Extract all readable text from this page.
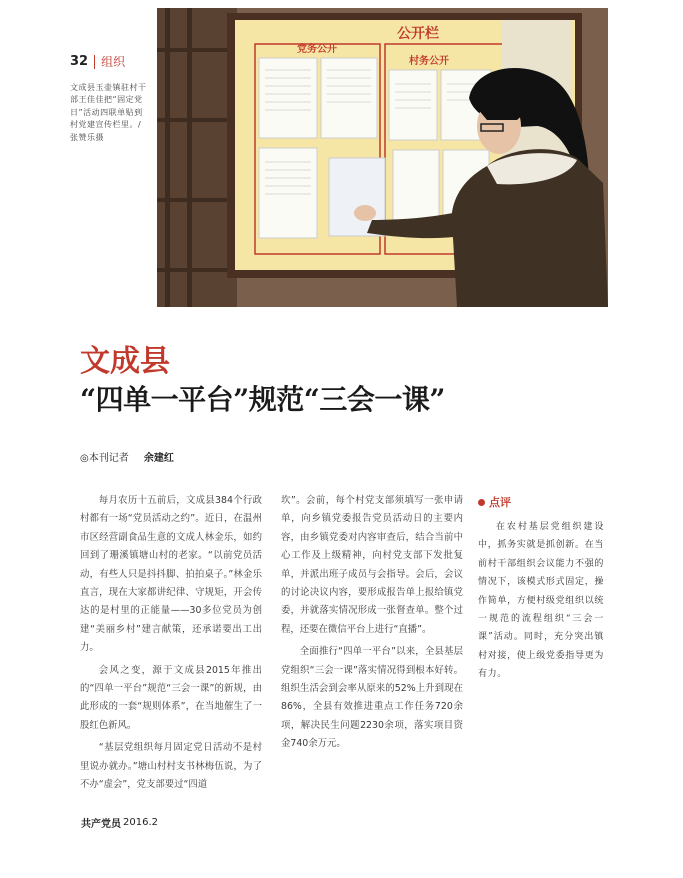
32 组织
文成县玉壶镇驻村干部王佳佳把“固定党日”活动四联单贴到村党建宣传栏里。/张赞乐摄
公开栏
党务公开
村务公开
文成县
“四单一平台”规范“三会一课”
◎本刊记者 余建红

每月农历十五前后，文成县384个行政村都有一场“党员活动之约”。近日，在温州市区经营副食品生意的文成人林金乐，如约回到了珊溪镇塘山村的老家。“以前党员活动，有些人只是抖抖脚、拍拍桌子。”林金乐直言，现在大家都讲纪律、守规矩，开会传达的是村里的正能量——30多位党员为创建“美丽乡村”建言献策，还承诺要出工出力。

会风之变，源于文成县2015年推出的“四单一平台”规范“三会一课”的新规，由此形成的一套“规则体系”，在当地催生了一股红色新风。

“基层党组织每月固定党日活动不是村里说办就办。”塘山村村支书林梅伍说，为了不办“虚会”，党支部要过“四道

坎”。会前，每个村党支部须填写一张申请单，向乡镇党委报告党员活动日的主要内容，由乡镇党委对内容审查后，结合当前中心工作及上级精神，向村党支部下发批复单，并派出班子成员与会指导。会后，会议的讨论决议内容，要形成报告单上报给镇党委，并就落实情况形成一张督查单。整个过程，还要在微信平台上进行“直播”。

全面推行“四单一平台”以来，全县基层党组织“三会一课”落实情况得到根本好转。组织生活会到会率从原来的52%上升到现在86%，全县有效推进重点工作任务720余项，解决民生问题2230余项，落实项目资金740余万元。

点评
在农村基层党组织建设中，抓务实就是抓创新。在当前村干部组织会议能力不强的情况下，该模式形式固定，操作简单，方便村级党组织以统一规范的流程组织“三会一课”活动。同时，充分突出镇村对接，使上级党委指导更为有力。
共产党员 2016.2
